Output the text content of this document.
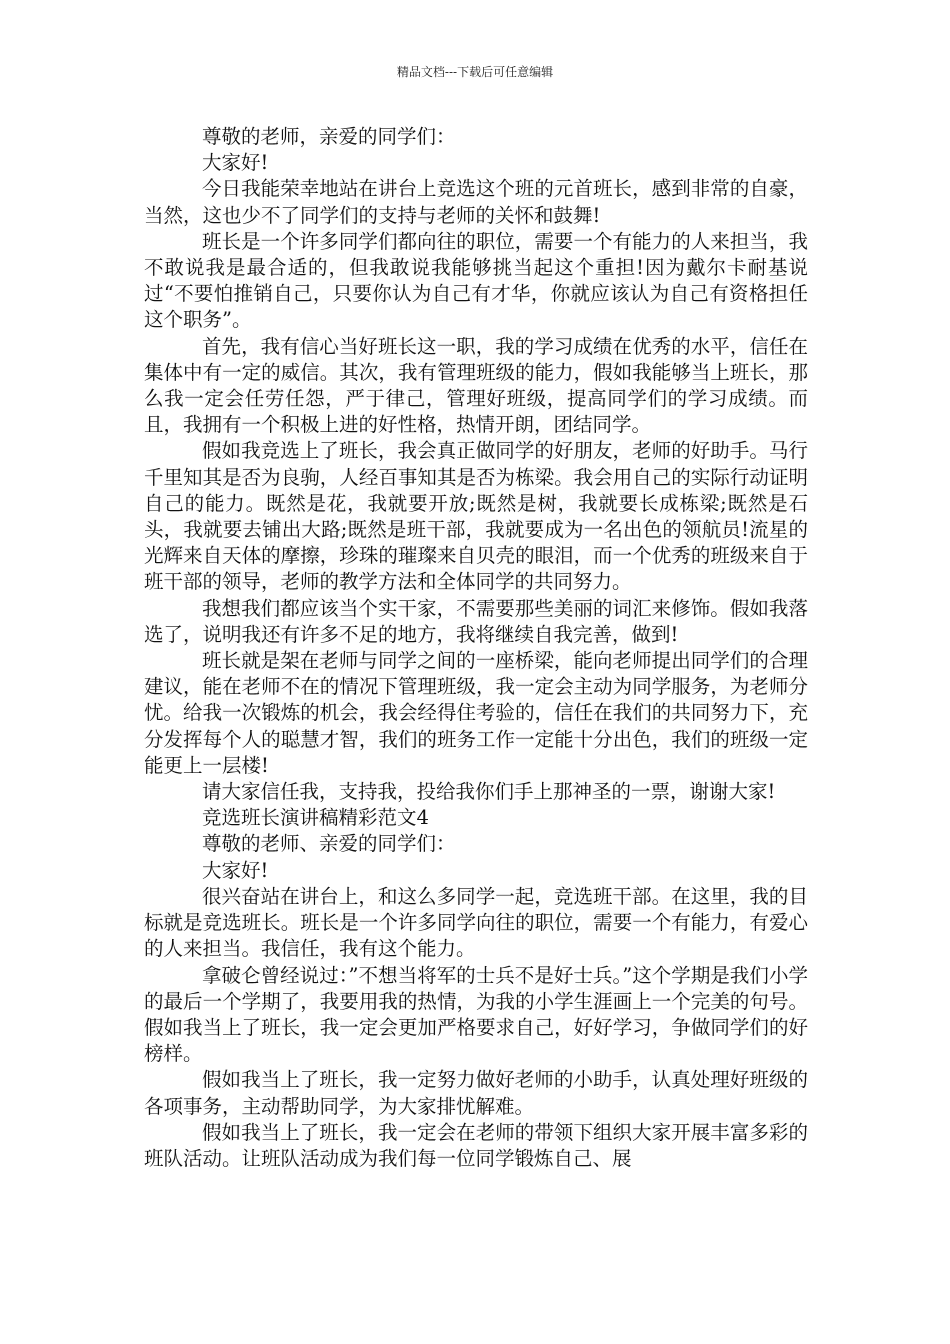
精品文档---下载后可任意编辑

尊敬的老师，亲爱的同学们：

大家好!

今日我能荣幸地站在讲台上竞选这个班的元首班长，感到非常的自豪，当然，这也少不了同学们的支持与老师的关怀和鼓舞!

班长是一个许多同学们都向往的职位，需要一个有能力的人来担当，我不敢说我是最合适的，但我敢说我能够挑当起这个重担!因为戴尔卡耐基说过“不要怕推销自己，只要你认为自己有才华，你就应该认为自己有资格担任这个职务”。

首先，我有信心当好班长这一职，我的学习成绩在优秀的水平，信任在集体中有一定的威信。其次，我有管理班级的能力，假如我能够当上班长，那么我一定会任劳任怨，严于律己，管理好班级，提高同学们的学习成绩。而且，我拥有一个积极上进的好性格，热情开朗，团结同学。

假如我竞选上了班长，我会真正做同学的好朋友，老师的好助手。马行千里知其是否为良驹，人经百事知其是否为栋梁。我会用自己的实际行动证明自己的能力。既然是花，我就要开放;既然是树，我就要长成栋梁;既然是石头，我就要去铺出大路;既然是班干部，我就要成为一名出色的领航员!流星的光辉来自天体的摩擦，珍珠的璀璨来自贝壳的眼泪，而一个优秀的班级来自于班干部的领导，老师的教学方法和全体同学的共同努力。

我想我们都应该当个实干家，不需要那些美丽的词汇来修饰。假如我落选了，说明我还有许多不足的地方，我将继续自我完善，做到!

班长就是架在老师与同学之间的一座桥梁，能向老师提出同学们的合理建议，能在老师不在的情况下管理班级，我一定会主动为同学服务，为老师分忧。给我一次锻炼的机会，我会经得住考验的，信任在我们的共同努力下，充分发挥每个人的聪慧才智，我们的班务工作一定能十分出色，我们的班级一定能更上一层楼!

请大家信任我，支持我，投给我你们手上那神圣的一票，谢谢大家!

竞选班长演讲稿精彩范文4

尊敬的老师、亲爱的同学们：

大家好!

很兴奋站在讲台上，和这么多同学一起，竞选班干部。在这里，我的目标就是竞选班长。班长是一个许多同学向往的职位，需要一个有能力，有爱心的人来担当。我信任，我有这个能力。

拿破仑曾经说过：”不想当将军的士兵不是好士兵。”这个学期是我们小学的最后一个学期了，我要用我的热情，为我的小学生涯画上一个完美的句号。假如我当上了班长，我一定会更加严格要求自己，好好学习，争做同学们的好榜样。

假如我当上了班长，我一定努力做好老师的小助手，认真处理好班级的各项事务，主动帮助同学，为大家排忧解难。

假如我当上了班长，我一定会在老师的带领下组织大家开展丰富多彩的班队活动。让班队活动成为我们每一位同学锻炼自己、展
